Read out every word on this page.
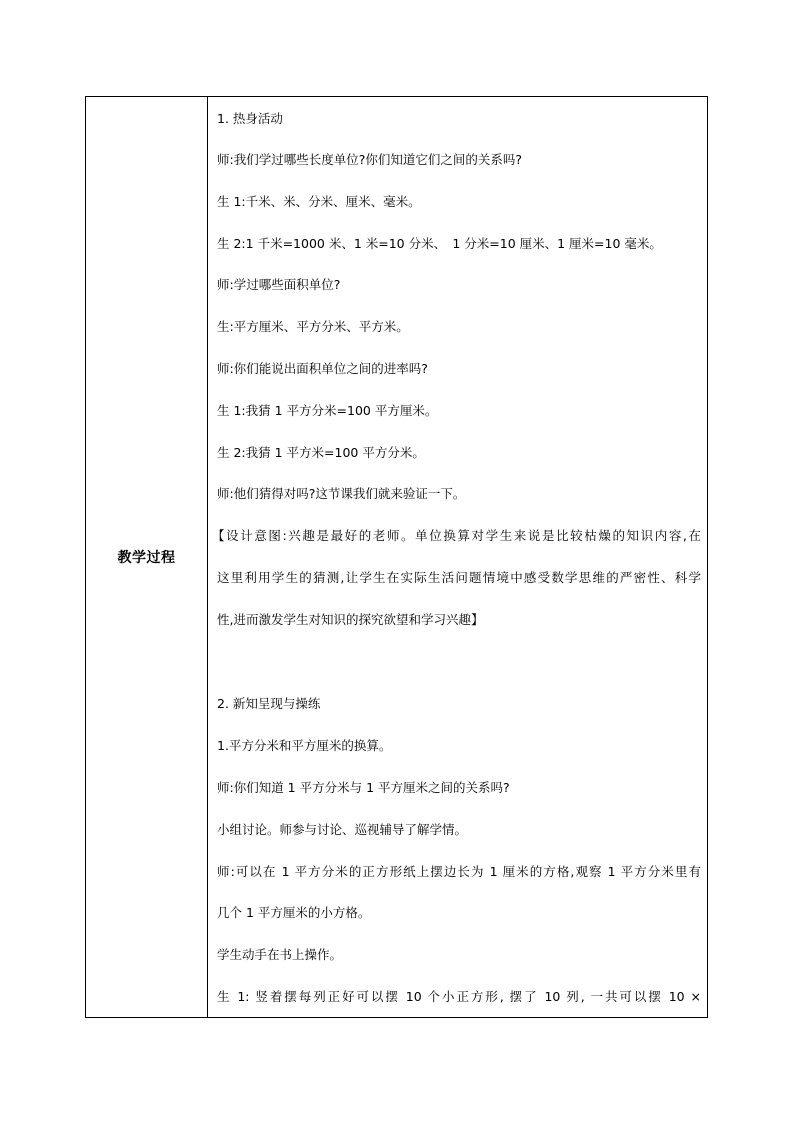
教学过程
1. 热身活动
师:我们学过哪些长度单位?你们知道它们之间的关系吗?
生 1:千米、米、分米、厘米、毫米。
生 2:1 千米=1000 米、1 米=10 分米、　1 分米=10 厘米、1 厘米=10 毫米。
师:学过哪些面积单位?
生:平方厘米、平方分米、平方米。
师:你们能说出面积单位之间的进率吗?
生 1:我猜 1 平方分米=100 平方厘米。
生 2:我猜 1 平方米=100 平方分米。
师:他们猜得对吗?这节课我们就来验证一下。
【设计意图:兴趣是最好的老师。单位换算对学生来说是比较枯燥的知识内容,在
这里利用学生的猜测,让学生在实际生活问题情境中感受数学思维的严密性、科学
性,进而激发学生对知识的探究欲望和学习兴趣】
2. 新知呈现与操练
1.平方分米和平方厘米的换算。
师:你们知道 1 平方分米与 1 平方厘米之间的关系吗?
小组讨论。师参与讨论、巡视辅导了解学情。
师:可以在 1 平方分米的正方形纸上摆边长为 1 厘米的方格,观察 1 平方分米里有
几个 1 平方厘米的小方格。
学生动手在书上操作。
生 1: 竖着摆每列正好可以摆 10 个小正方形, 摆了 10 列, 一共可以摆 10 ×
